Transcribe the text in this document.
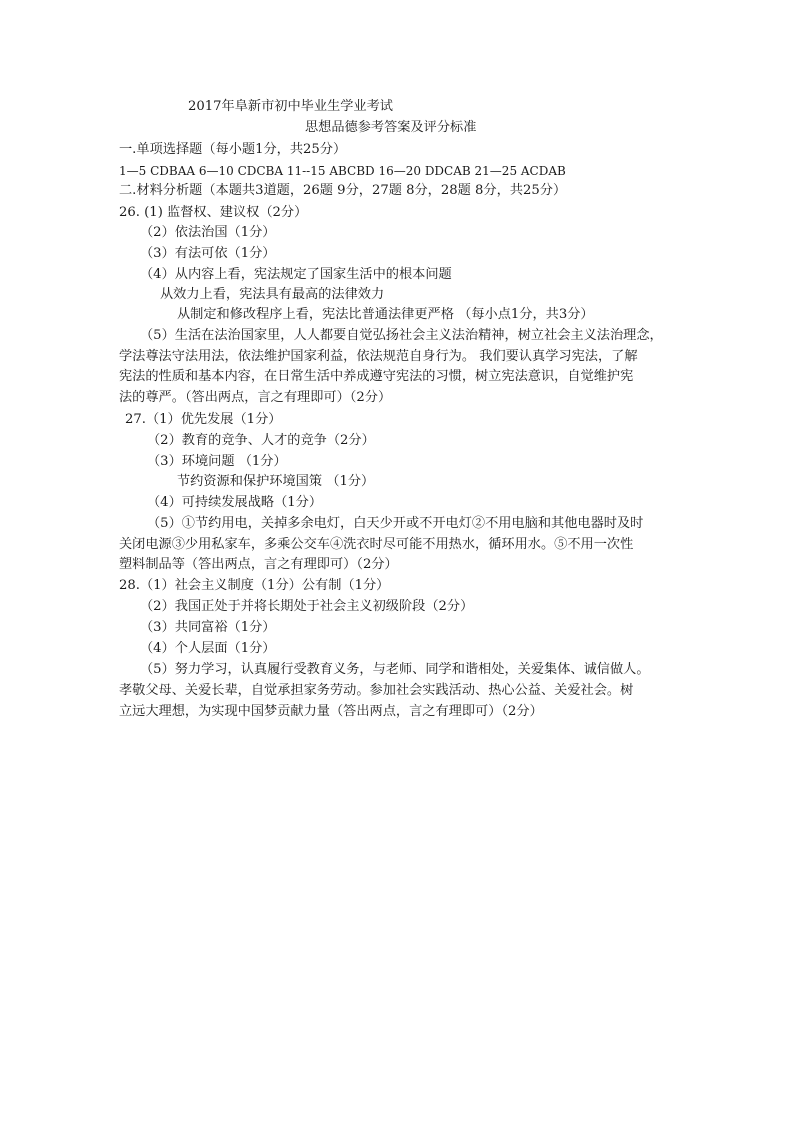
2017年阜新市初中毕业生学业考试
思想品德参考答案及评分标准
一.单项选择题（每小题1分，共25分）
1—5 CDBAA 6—10 CDCBA 11--15 ABCBD 16—20 DDCAB 21—25 ACDAB
二.材料分析题（本题共3道题，26题 9分，27题 8分，28题 8分，共25分）
26. (1) 监督权、建议权（2分）
（2）依法治国（1分）
（3）有法可依（1分）
（4）从内容上看，宪法规定了国家生活中的根本问题
从效力上看，宪法具有最高的法律效力
从制定和修改程序上看，宪法比普通法律更严格 （每小点1分，共3分）
（5）生活在法治国家里，人人都要自觉弘扬社会主义法治精神，树立社会主义法治理念，
学法尊法守法用法，依法维护国家利益，依法规范自身行为。 我们要认真学习宪法，了解
宪法的性质和基本内容，在日常生活中养成遵守宪法的习惯，树立宪法意识，自觉维护宪
法的尊严。（答出两点，言之有理即可）（2分）
27.（1）优先发展（1分）
（2）教育的竞争、人才的竞争（2分）
（3）环境问题 （1分）
节约资源和保护环境国策 （1分）
（4）可持续发展战略（1分）
（5）①节约用电，关掉多余电灯，白天少开或不开电灯②不用电脑和其他电器时及时
关闭电源③少用私家车，多乘公交车④洗衣时尽可能不用热水，循环用水。⑤不用一次性
塑料制品等（答出两点，言之有理即可）（2分）
28.（1）社会主义制度（1分）公有制（1分）
（2）我国正处于并将长期处于社会主义初级阶段（2分）
（3）共同富裕（1分）
（4）个人层面（1分）
（5）努力学习，认真履行受教育义务，与老师、同学和谐相处，关爱集体、诚信做人。
孝敬父母、关爱长辈，自觉承担家务劳动。参加社会实践活动、热心公益、关爱社会。树
立远大理想，为实现中国梦贡献力量（答出两点，言之有理即可）（2分）
